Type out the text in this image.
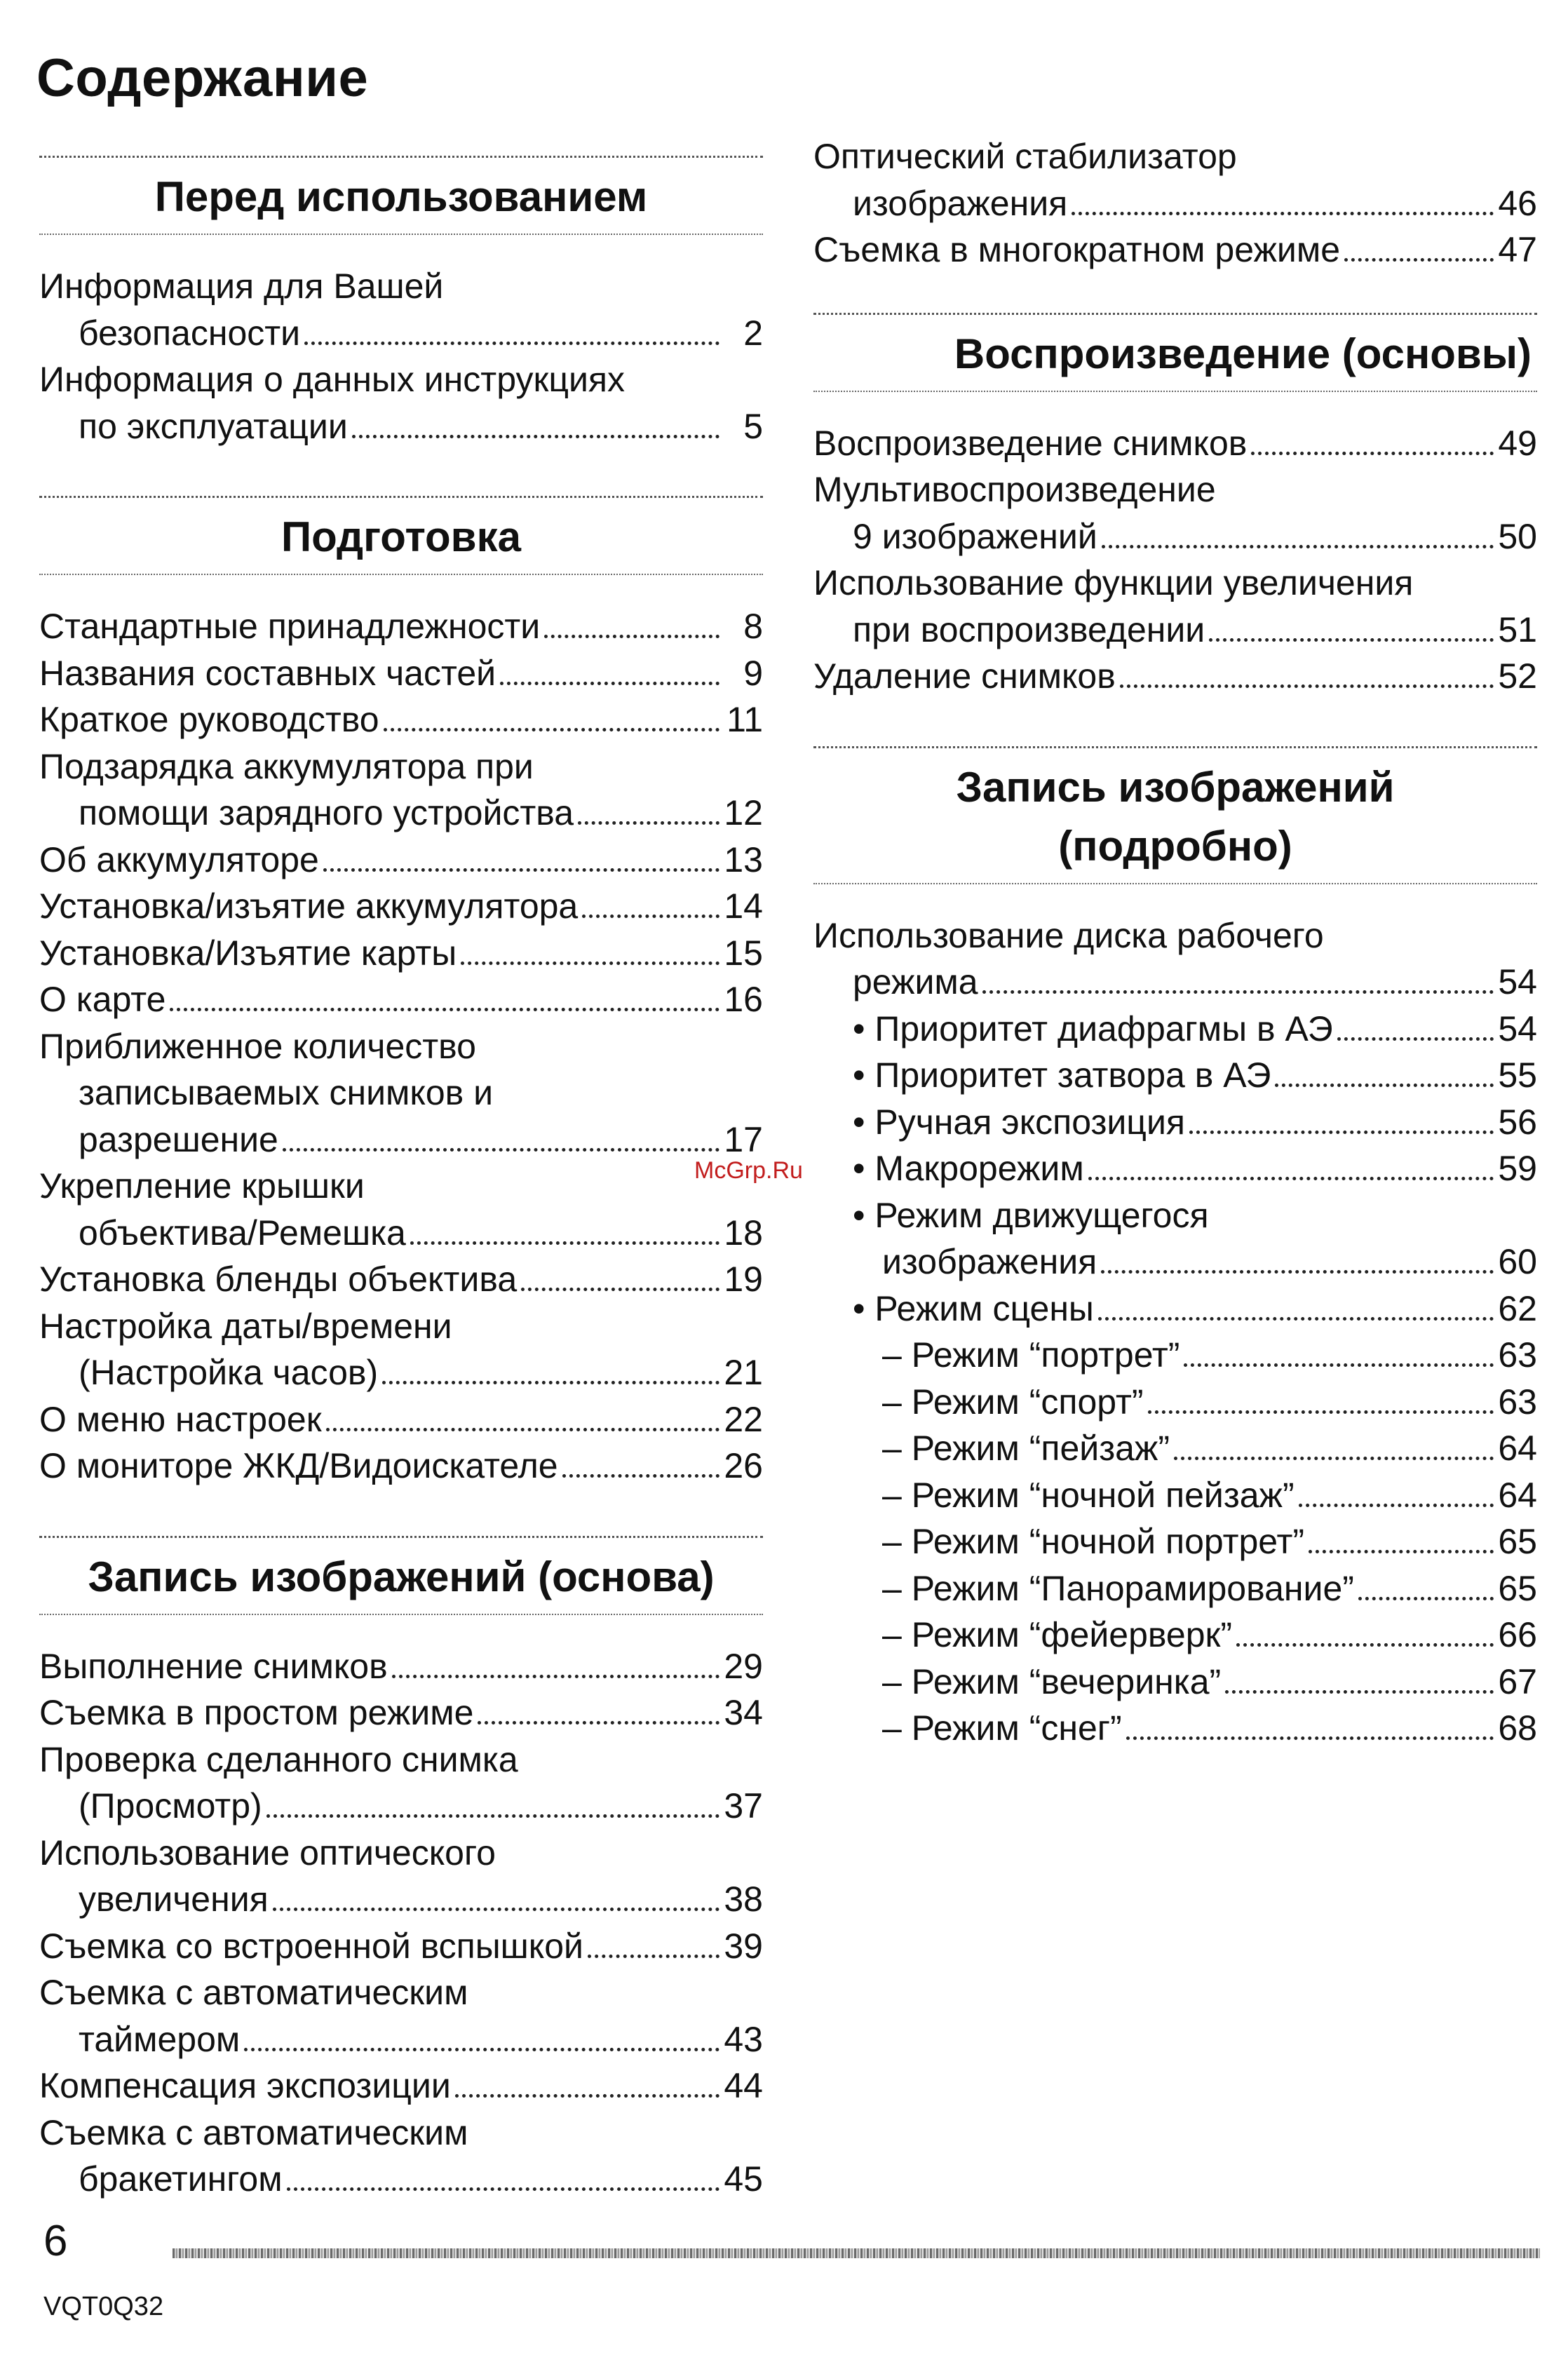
Содержание
Перед использованием
Информация для Вашей
безопасности	2
Информация о данных инструкциях
по эксплуатации	5
Подготовка
Стандартные принадлежности	8
Названия составных частей	9
Краткое руководство	11
Подзарядка аккумулятора при
помощи зарядного устройства	12
Об аккумуляторе	13
Установка/изъятие аккумулятора	14
Установка/Изъятие карты	15
О карте	16
Приближенное количество
записываемых снимков и
разрешение	17
Укрепление крышки
объектива/Ремешка	18
Установка бленды объектива	19
Настройка даты/времени
(Настройка часов)	21
О меню настроек	22
О мониторе ЖКД/Видоискателе	26
Запись изображений (основа)
Выполнение снимков	29
Съемка в простом режиме	34
Проверка сделанного снимка
(Просмотр)	37
Использование оптического
увеличения	38
Съемка со встроенной вспышкой	39
Съемка с автоматическим
таймером	43
Компенсация экспозиции	44
Съемка с автоматическим
бракетингом	45
Оптический стабилизатор
изображения	46
Съемка в многократном режиме	47
Воспроизведение (основы)
Воспроизведение снимков	49
Мультивоспроизведение
9 изображений	50
Использование функции увеличения
при воспроизведении	51
Удаление снимков	52
Запись изображений
(подробно)
Использование диска рабочего
режима	54
• Приоритет диафрагмы в АЭ	54
• Приоритет затвора в АЭ	55
• Ручная экспозиция	56
• Макрорежим	59
• Режим движущегося
изображения	60
• Режим сцены	62
– Режим “портрет”	63
– Режим “спорт”	63
– Режим “пейзаж”	64
– Режим “ночной пейзаж”	64
– Режим “ночной портрет”	65
– Режим “Панорамирование”	65
– Режим “фейерверк”	66
– Режим “вечеринка”	67
– Режим “снег”	68
McGrp.Ru
6
VQT0Q32
